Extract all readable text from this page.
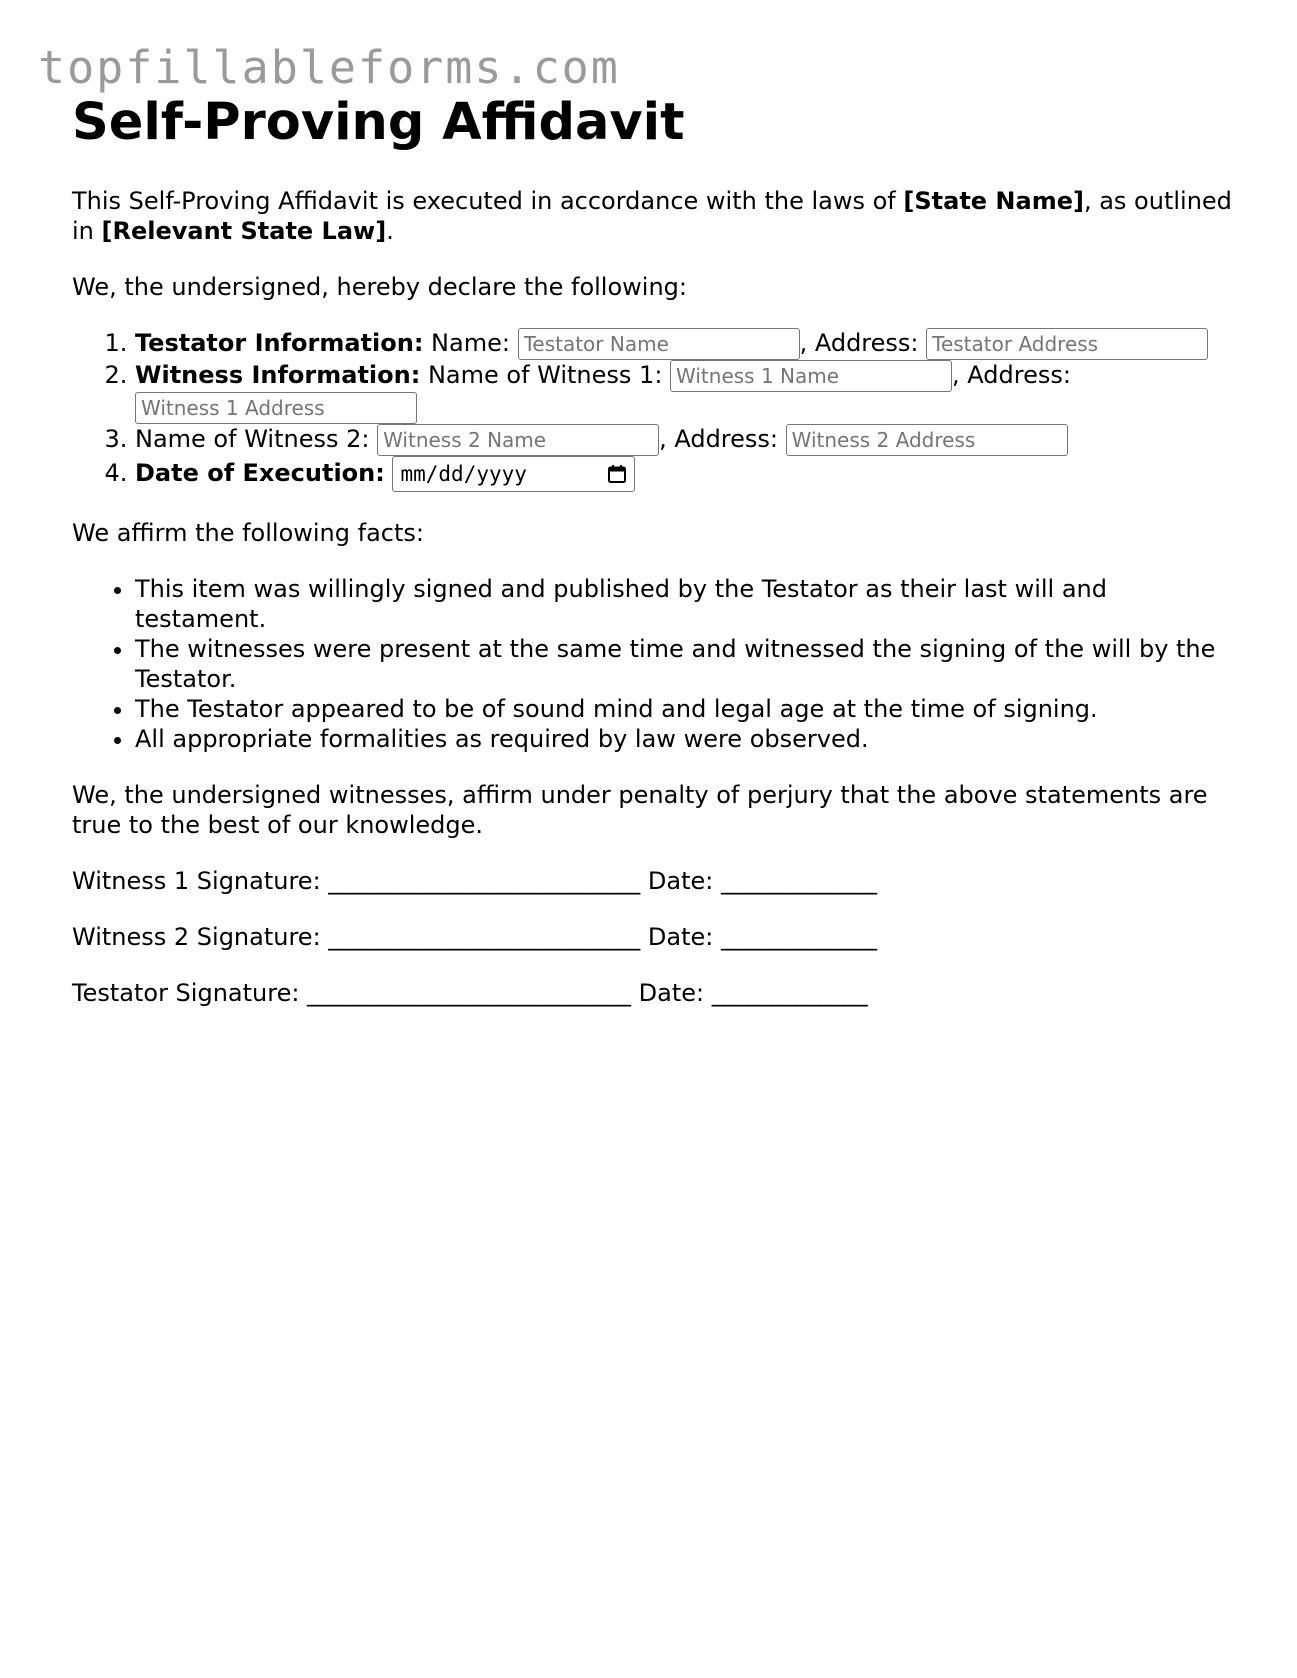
topfillableforms.com
Self-Proving Affidavit

This Self-Proving Affidavit is executed in accordance with the laws of [State Name], as outlined in [Relevant State Law].

We, the undersigned, hereby declare the following:

1. Testator Information: Name: Testator Name	, Address: Testator Address
2. Witness Information: Name of Witness 1: Witness 1 Name	, Address: Witness 1 Address
3. Name of Witness 2: Witness 2 Name	, Address: Witness 2 Address
4. Date of Execution: mm/dd/yyyy

We affirm the following facts:

• This item was willingly signed and published by the Testator as their last will and testament.
• The witnesses were present at the same time and witnessed the signing of the will by the Testator.
• The Testator appeared to be of sound mind and legal age at the time of signing.
• All appropriate formalities as required by law were observed.

We, the undersigned witnesses, affirm under penalty of perjury that the above statements are true to the best of our knowledge.

Witness 1 Signature: __________________________ Date: _____________

Witness 2 Signature: __________________________ Date: _____________

Testator Signature: ___________________________ Date: _____________
